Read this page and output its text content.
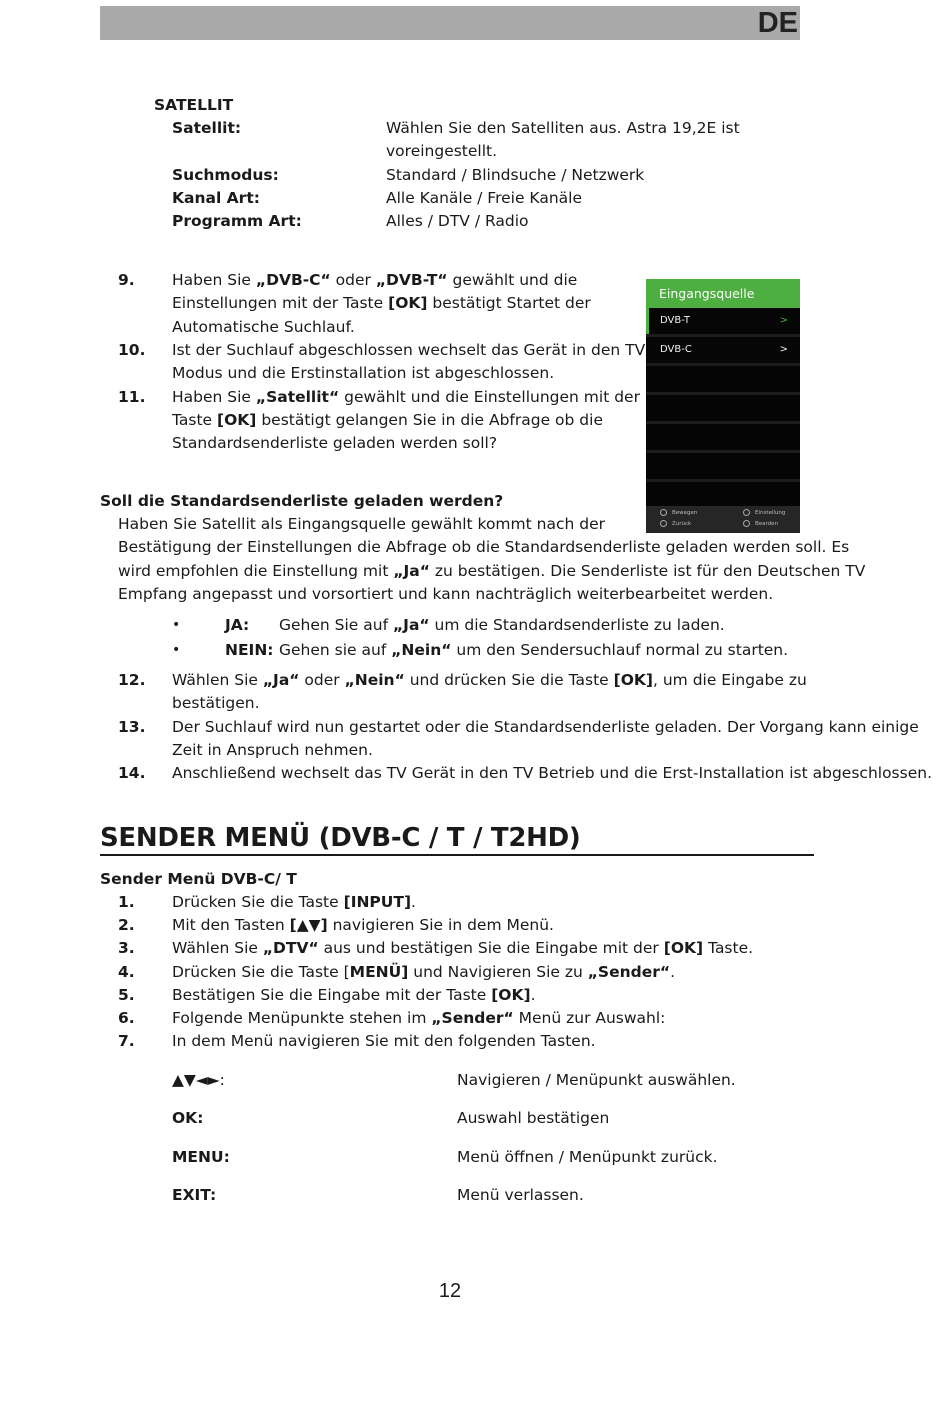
DE
SATELLIT
Satellit:	Wählen Sie den Satelliten aus. Astra 19,2E ist
voreingestellt.
Suchmodus:	Standard / Blindsuche / Netzwerk
Kanal Art:	Alle Kanäle / Freie Kanäle
Programm Art:	Alles / DTV / Radio
9. Haben Sie „DVB-C“ oder „DVB-T“ gewählt und die
Einstellungen mit der Taste [OK] bestätigt Startet der
Automatische Suchlauf.
10. Ist der Suchlauf abgeschlossen wechselt das Gerät in den TV
Modus und die Erstinstallation ist abgeschlossen.
11. Haben Sie „Satellit“ gewählt und die Einstellungen mit der
Taste [OK] bestätigt gelangen Sie in die Abfrage ob die
Standardsenderliste geladen werden soll?
Eingangsquelle
DVB-T	>
DVB-C	>
Bewegen
Zurück
Einstellung
Bearden
Soll die Standardsenderliste geladen werden?
Haben Sie Satellit als Eingangsquelle gewählt kommt nach der
Bestätigung der Einstellungen die Abfrage ob die Standardsenderliste geladen werden soll. Es
wird empfohlen die Einstellung mit „Ja“ zu bestätigen. Die Senderliste ist für den Deutschen TV
Empfang angepasst und vorsortiert und kann nachträglich weiterbearbeitet werden.
•	JA: Gehen Sie auf „Ja“ um die Standardsenderliste zu laden.
•	NEIN: Gehen sie auf „Nein“ um den Sendersuchlauf normal zu starten.
12. Wählen Sie „Ja“ oder „Nein“ und drücken Sie die Taste [OK], um die Eingabe zu
bestätigen.
13. Der Suchlauf wird nun gestartet oder die Standardsenderliste geladen. Der Vorgang kann einige
Zeit in Anspruch nehmen.
14. Anschließend wechselt das TV Gerät in den TV Betrieb und die Erst-Installation ist abgeschlossen.
SENDER MENÜ (DVB-C / T / T2HD)
Sender Menü DVB-C/ T
1. Drücken Sie die Taste [INPUT].
2. Mit den Tasten [▲▼] navigieren Sie in dem Menü.
3. Wählen Sie „DTV“ aus und bestätigen Sie die Eingabe mit der [OK] Taste.
4. Drücken Sie die Taste [MENÜ] und Navigieren Sie zu „Sender“.
5. Bestätigen Sie die Eingabe mit der Taste [OK].
6. Folgende Menüpunkte stehen im „Sender“ Menü zur Auswahl:
7. In dem Menü navigieren Sie mit den folgenden Tasten.
▲▼◄►:	Navigieren / Menüpunkt auswählen.
OK:	Auswahl bestätigen
MENU:	Menü öffnen / Menüpunkt zurück.
EXIT:	Menü verlassen.
12
